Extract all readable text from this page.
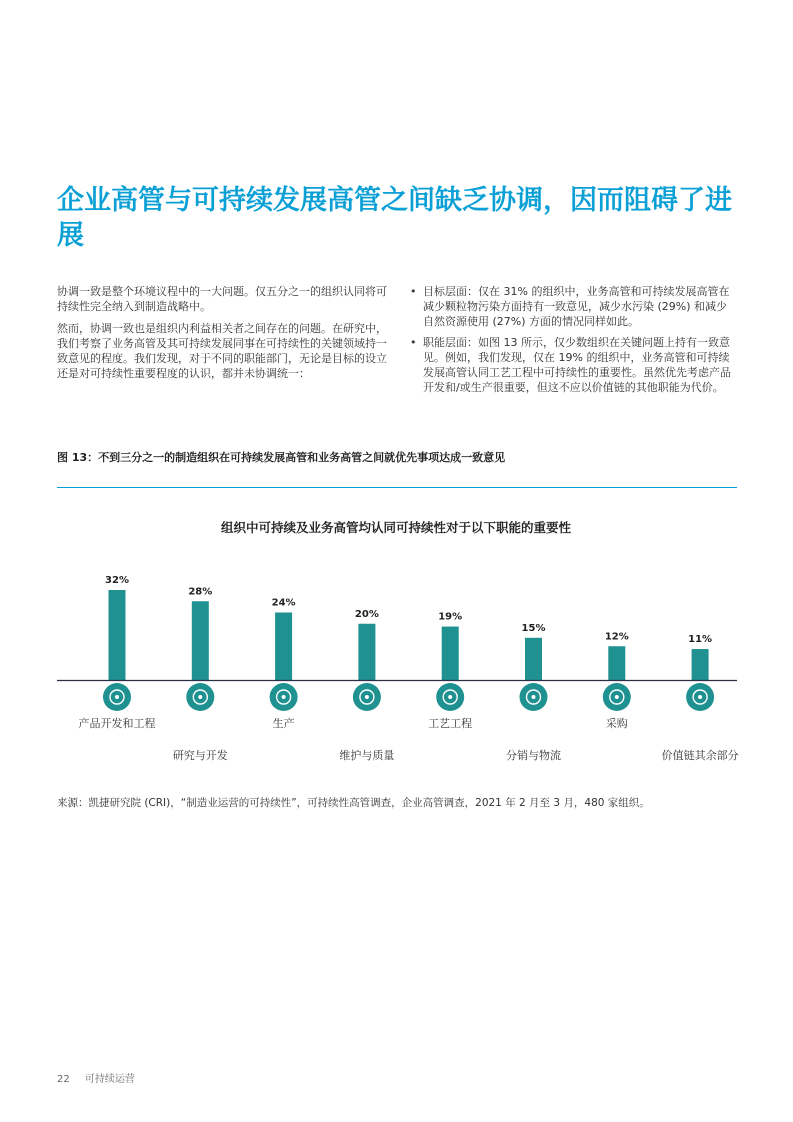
企业高管与可持续发展高管之间缺乏协调，因而阻碍了进展

协调一致是整个环境议程中的一大问题。仅五分之一的组织认同将可持续性完全纳入到制造战略中。

然而，协调一致也是组织内利益相关者之间存在的问题。在研究中，我们考察了业务高管及其可持续发展同事在可持续性的关键领域持一致意见的程度。我们发现，对于不同的职能部门，无论是目标的设立还是对可持续性重要程度的认识，都并未协调统一：

• 目标层面：仅在 31% 的组织中，业务高管和可持续发展高管在减少颗粒物污染方面持有一致意见，减少水污染 (29%) 和减少自然资源使用 (27%) 方面的情况同样如此。
• 职能层面：如图 13 所示，仅少数组织在关键问题上持有一致意见。例如，我们发现，仅在 19% 的组织中，业务高管和可持续发展高管认同工艺工程中可持续性的重要性。虽然优先考虑产品开发和/或生产很重要，但这不应以价值链的其他职能为代价。
图 13：不到三分之一的制造组织在可持续发展高管和业务高管之间就优先事项达成一致意见
组织中可持续及业务高管均认同可持续性对于以下职能的重要性
32%
产品开发和工程
28%
研究与开发
24%
生产
20%
维护与质量
19%
工艺工程
15%
分销与物流
12%
采购
11%
价值链其余部分
来源：凯捷研究院 (CRI)，“制造业运营的可持续性”，可持续性高管调查，企业高管调查，2021 年 2 月至 3 月，480 家组织。
22 可持续运营
